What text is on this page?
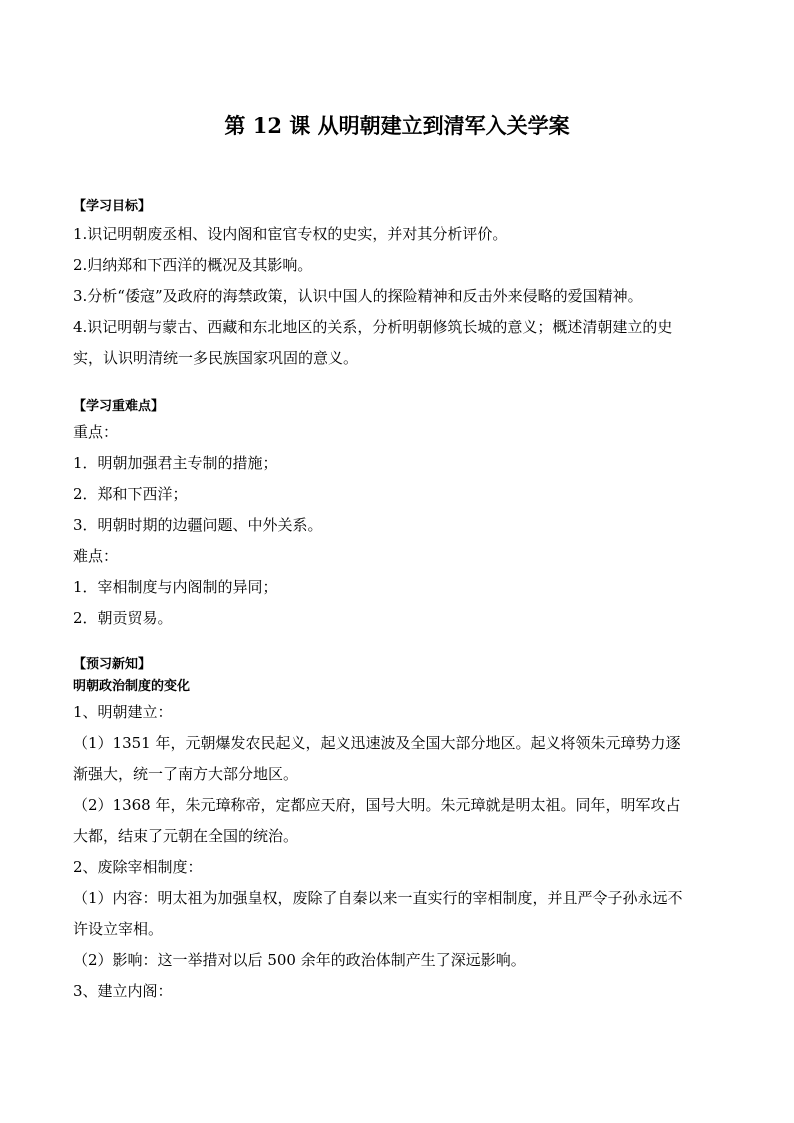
第 12 课 从明朝建立到清军入关学案
【学习目标】
1.识记明朝废丞相、设内阁和宦官专权的史实，并对其分析评价。
2.归纳郑和下西洋的概况及其影响。
3.分析“倭寇”及政府的海禁政策，认识中国人的探险精神和反击外来侵略的爱国精神。
4.识记明朝与蒙古、西藏和东北地区的关系，分析明朝修筑长城的意义；概述清朝建立的史
实，认识明清统一多民族国家巩固的意义。
【学习重难点】
重点：
1．明朝加强君主专制的措施；
2．郑和下西洋；
3．明朝时期的边疆问题、中外关系。
难点：
1．宰相制度与内阁制的异同；
2．朝贡贸易。
【预习新知】
明朝政治制度的变化
1、明朝建立：
（1）1351 年，元朝爆发农民起义，起义迅速波及全国大部分地区。起义将领朱元璋势力逐
渐强大，统一了南方大部分地区。
（2）1368 年，朱元璋称帝，定都应天府，国号大明。朱元璋就是明太祖。同年，明军攻占
大都，结束了元朝在全国的统治。
2、废除宰相制度：
（1）内容：明太祖为加强皇权，废除了自秦以来一直实行的宰相制度，并且严令子孙永远不
许设立宰相。
（2）影响：这一举措对以后 500 余年的政治体制产生了深远影响。
3、建立内阁：
